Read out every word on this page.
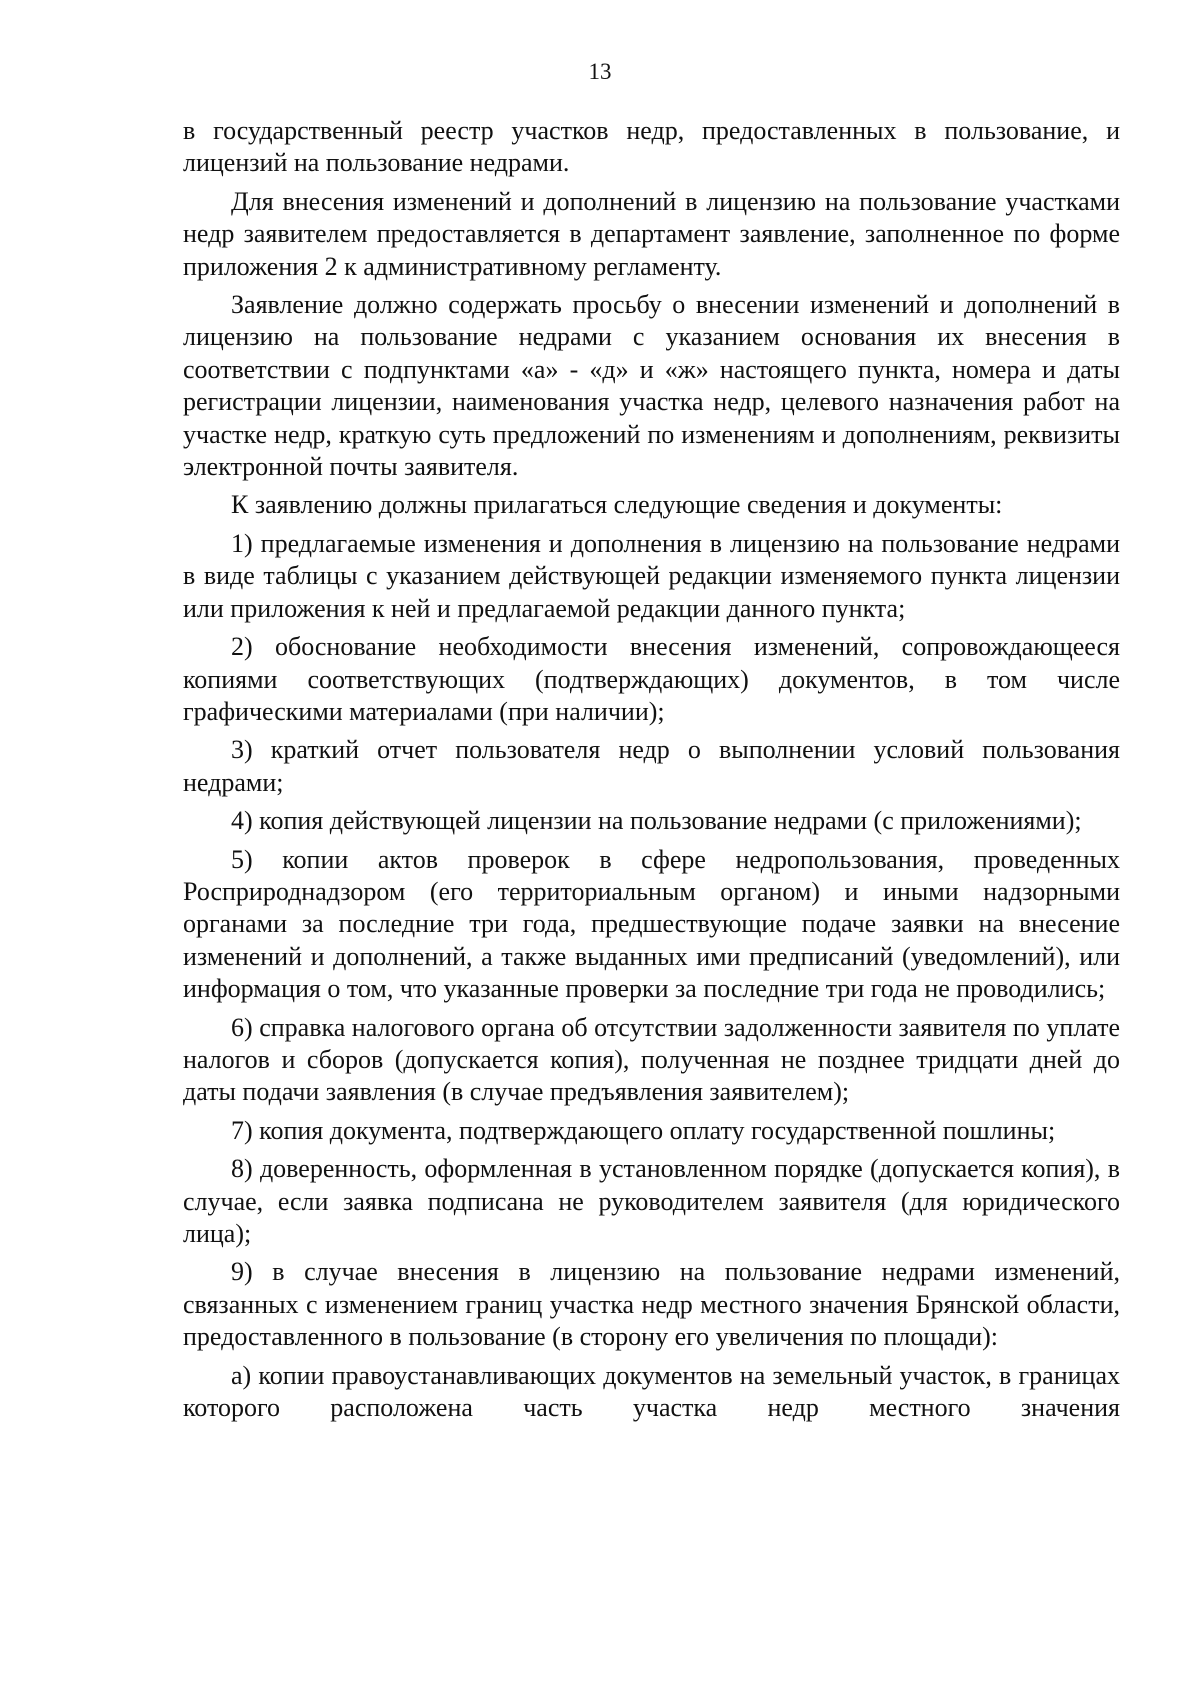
13

в государственный реестр участков недр, предоставленных в пользование, и лицензий на пользование недрами.

Для внесения изменений и дополнений в лицензию на пользование участками недр заявителем предоставляется в департамент заявление, заполненное по форме приложения 2 к административному регламенту.

Заявление должно содержать просьбу о внесении изменений и дополнений в лицензию на пользование недрами с указанием основания их внесения в соответствии с подпунктами «а» - «д» и «ж» настоящего пункта, номера и даты регистрации лицензии, наименования участка недр, целевого назначения работ на участке недр, краткую суть предложений по изменениям и дополнениям, реквизиты электронной почты заявителя.

К заявлению должны прилагаться следующие сведения и документы:

1) предлагаемые изменения и дополнения в лицензию на пользование недрами в виде таблицы с указанием действующей редакции изменяемого пункта лицензии или приложения к ней и предлагаемой редакции данного пункта;

2) обоснование необходимости внесения изменений, сопровождающееся копиями соответствующих (подтверждающих) документов, в том числе графическими материалами (при наличии);

3) краткий отчет пользователя недр о выполнении условий пользования недрами;

4) копия действующей лицензии на пользование недрами (с приложениями);

5) копии актов проверок в сфере недропользования, проведенных Росприроднадзором (его территориальным органом) и иными надзорными органами за последние три года, предшествующие подаче заявки на внесение изменений и дополнений, а также выданных ими предписаний (уведомлений), или информация о том, что указанные проверки за последние три года не проводились;

6) справка налогового органа об отсутствии задолженности заявителя по уплате налогов и сборов (допускается копия), полученная не позднее тридцати дней до даты подачи заявления (в случае предъявления заявителем);

7) копия документа, подтверждающего оплату государственной пошлины;

8) доверенность, оформленная в установленном порядке (допускается копия), в случае, если заявка подписана не руководителем заявителя (для юридического лица);

9) в случае внесения в лицензию на пользование недрами изменений, связанных с изменением границ участка недр местного значения Брянской области, предоставленного в пользование (в сторону его увеличения по площади):

а) копии правоустанавливающих документов на земельный участок, в границах которого расположена часть участка недр местного значения
